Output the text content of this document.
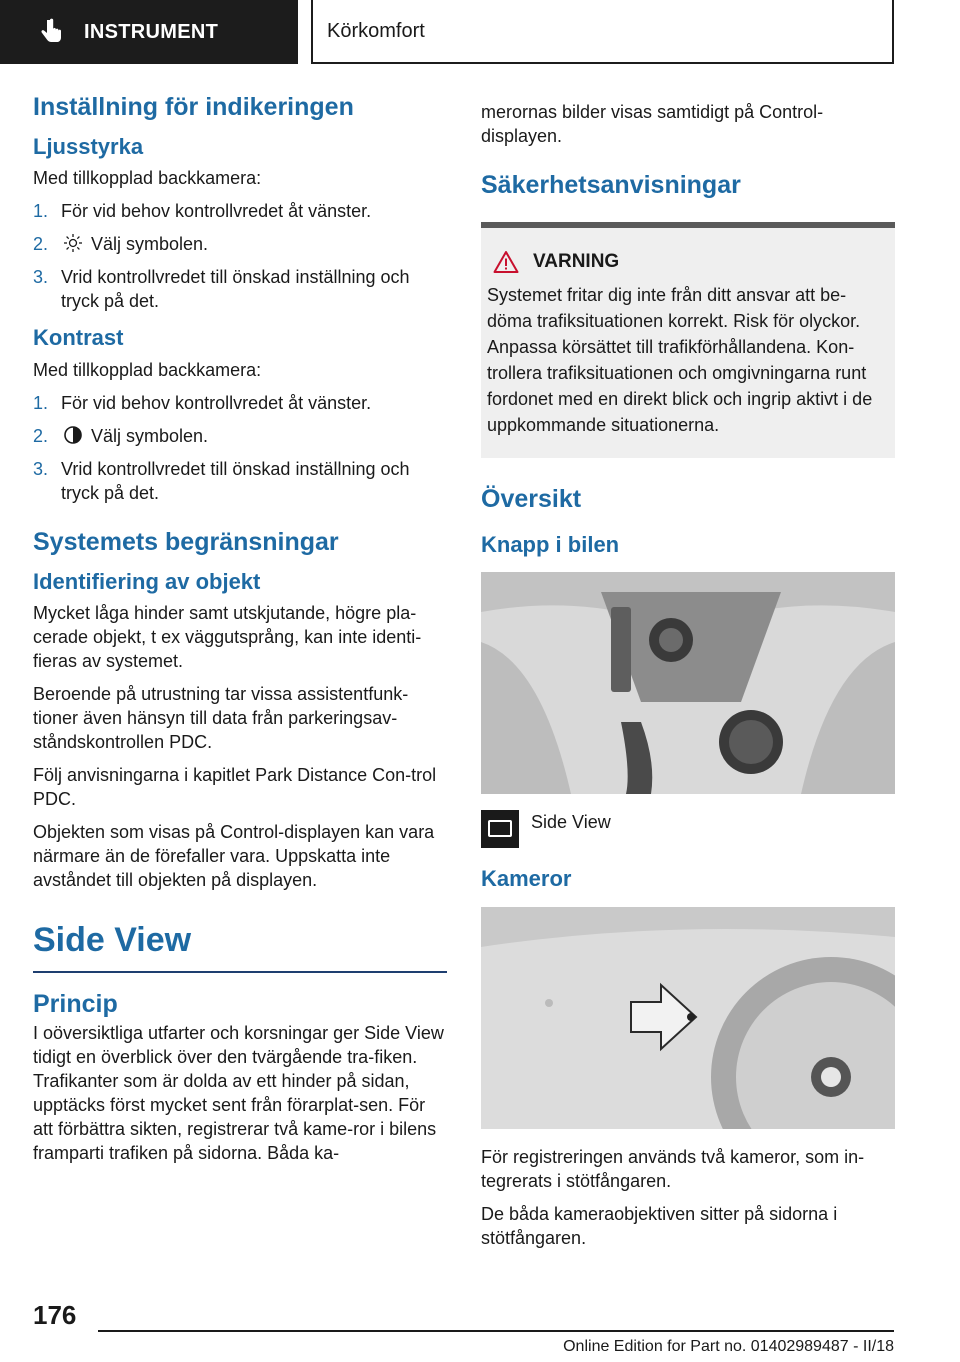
INSTRUMENT	Körkomfort
Inställning för indikeringen
Ljusstyrka

Med tillkopplad backkamera:

1. För vid behov kontrollvredet åt vänster.
2. Välj symbolen.
3. Vrid kontrollvredet till önskad inställning och tryck på det.
Kontrast

Med tillkopplad backkamera:

1. För vid behov kontrollvredet åt vänster.
2. Välj symbolen.
3. Vrid kontrollvredet till önskad inställning och tryck på det.
Systemets begränsningar
Identifiering av objekt

Mycket låga hinder samt utskjutande, högre pla-cerade objekt, t ex väggutsprång, kan inte identi-fieras av systemet.

Beroende på utrustning tar vissa assistentfunk-tioner även hänsyn till data från parkeringsav-ståndskontrollen PDC.

Följ anvisningarna i kapitlet Park Distance Con-trol PDC.

Objekten som visas på Control-displayen kan vara närmare än de förefaller vara. Uppskatta inte avståndet till objekten på displayen.

Side View
Princip

I oöversiktliga utfarter och korsningar ger Side View tidigt en överblick över den tvärgående tra-fiken. Trafikanter som är dolda av ett hinder på sidan, upptäcks först mycket sent från förarplat-sen. För att förbättra sikten, registrerar två kame-ror i bilens framparti trafiken på sidorna. Båda ka-

merornas bilder visas samtidigt på Control-displayen.

Säkerhetsanvisningar
VARNING

Systemet fritar dig inte från ditt ansvar att be-döma trafiksituationen korrekt. Risk för olyckor. Anpassa körsättet till trafikförhållandena. Kon-trollera trafiksituationen och omgivningarna runt fordonet med en direkt blick och ingrip aktivt i de uppkommande situationerna.

Översikt
Knapp i bilen
Side View
Kameror

För registreringen används två kameror, som in-tegrerats i stötfångaren.

De båda kameraobjektiven sitter på sidorna i stötfångaren.

176
Online Edition for Part no. 01402989487 - II/18
